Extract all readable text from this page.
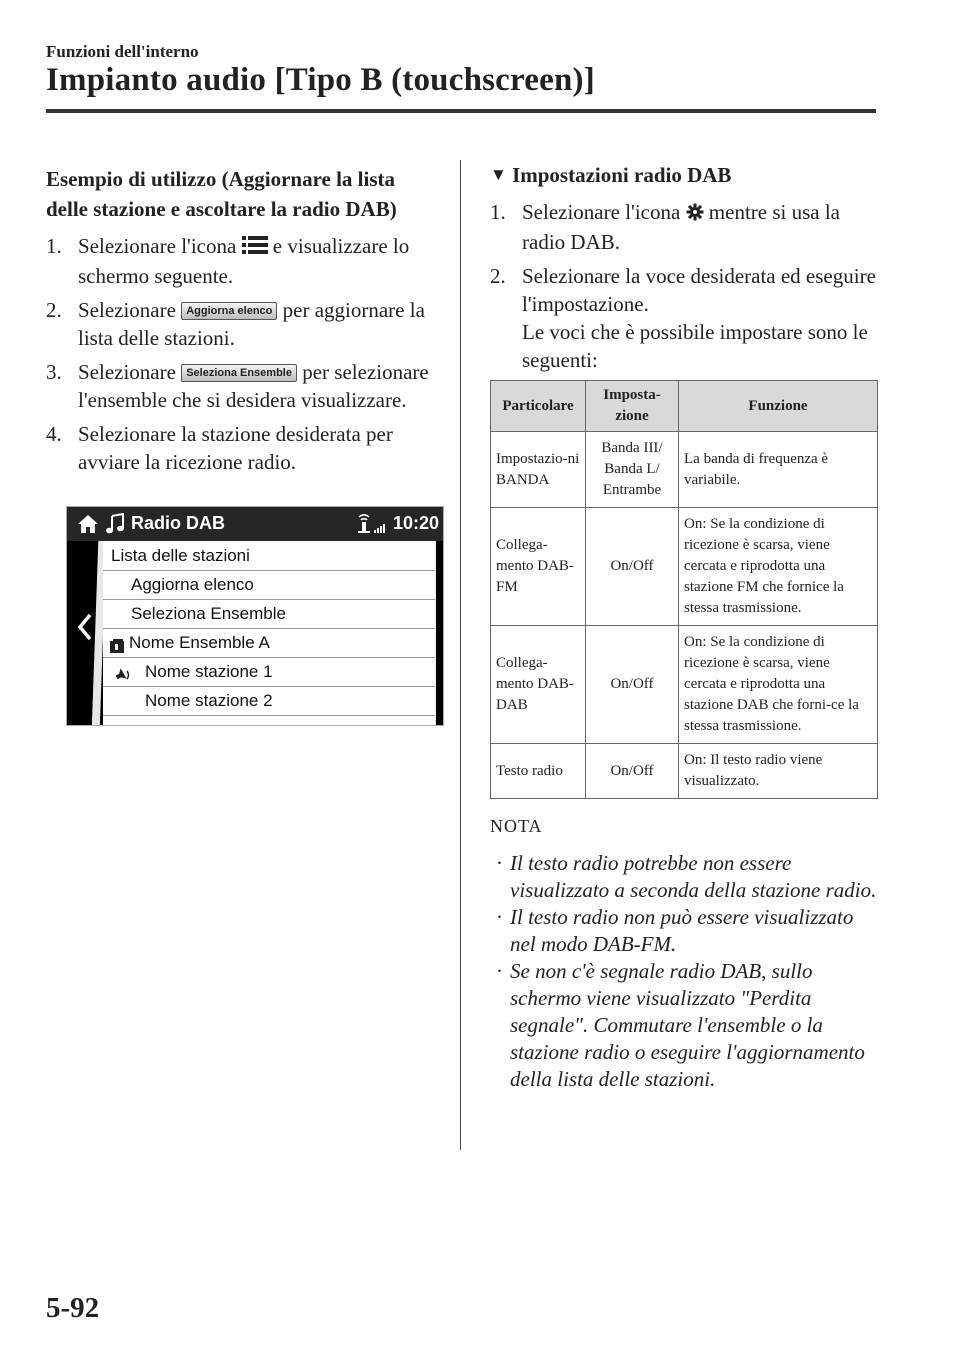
Funzioni dell'interno
Impianto audio [Tipo B (touchscreen)]
Esempio di utilizzo (Aggiornare la lista delle stazione e ascoltare la radio DAB)
1. Selezionare l'icona e visualizzare lo schermo seguente.
2. Selezionare Aggiorna elenco per aggiornare la lista delle stazioni.
3. Selezionare Seleziona Ensemble per selezionare l'ensemble che si desidera visualizzare.
4. Selezionare la stazione desiderata per avviare la ricezione radio.
Radio DAB	10:20
Lista delle stazioni
Aggiorna elenco
Seleziona Ensemble
Nome Ensemble A
Nome stazione 1
Nome stazione 2
▼ Impostazioni radio DAB
1. Selezionare l'icona mentre si usa la radio DAB.
2. Selezionare la voce desiderata ed eseguire l'impostazione.
Le voci che è possibile impostare sono le seguenti:
Particolare	Imposta-zione	Funzione
Impostazio-ni BANDA	Banda III/ Banda L/ Entrambe	La banda di frequenza è variabile.
Collega-mento DAB-FM	On/Off	On: Se la condizione di ricezione è scarsa, viene cercata e riprodotta una stazione FM che fornice la stessa trasmissione.
Collega-mento DAB-DAB	On/Off	On: Se la condizione di ricezione è scarsa, viene cercata e riprodotta una stazione DAB che forni-ce la stessa trasmissione.
Testo radio	On/Off	On: Il testo radio viene visualizzato.
NOTA
· Il testo radio potrebbe non essere visualizzato a seconda della stazione radio.
· Il testo radio non può essere visualizzato nel modo DAB-FM.
· Se non c'è segnale radio DAB, sullo schermo viene visualizzato "Perdita segnale". Commutare l'ensemble o la stazione radio o eseguire l'aggiornamento della lista delle stazioni.
5-92
